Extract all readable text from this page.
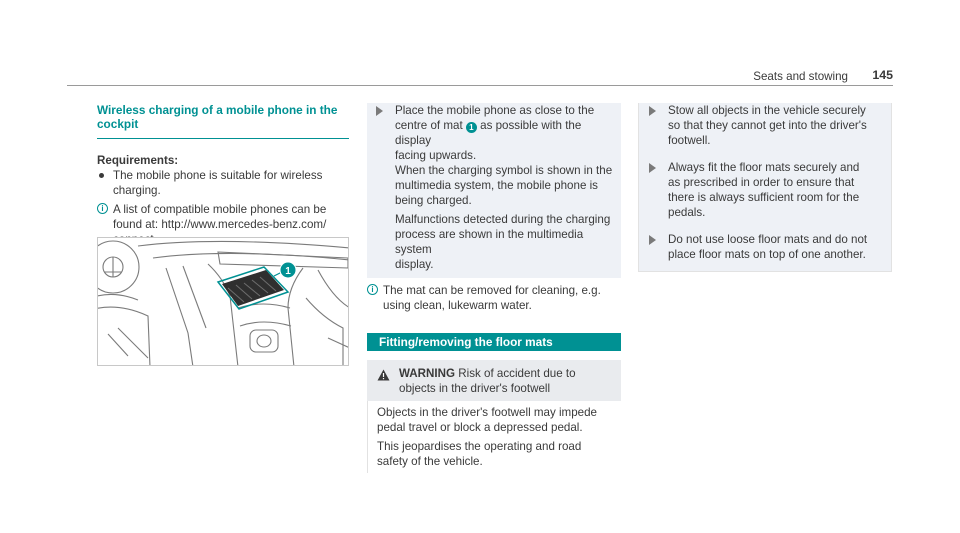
Seats and stowing 145
Wireless charging of a mobile phone in the
cockpit
Requirements:
The mobile phone is suitable for wireless
charging.
i A list of compatible mobile phones can be
found at: http://www.mercedes-benz.com/
1
Place the mobile phone as close to the
centre of mat 1 as possible with the display
facing upwards.
When the charging symbol is shown in the
multimedia system, the mobile phone is
being charged.
Malfunctions detected during the charging
process are shown in the multimedia system
display.
i The mat can be removed for cleaning, e.g.
using clean, lukewarm water.
Fitting/removing the floor mats
WARNING Risk of accident due to
objects in the driver's footwell
Objects in the driver's footwell may impede
pedal travel or block a depressed pedal.
This jeopardises the operating and road
safety of the vehicle.
Stow all objects in the vehicle securely
so that they cannot get into the driver's
footwell.
Always fit the floor mats securely and
as prescribed in order to ensure that
there is always sufficient room for the
pedals.
Do not use loose floor mats and do not
place floor mats on top of one another.
